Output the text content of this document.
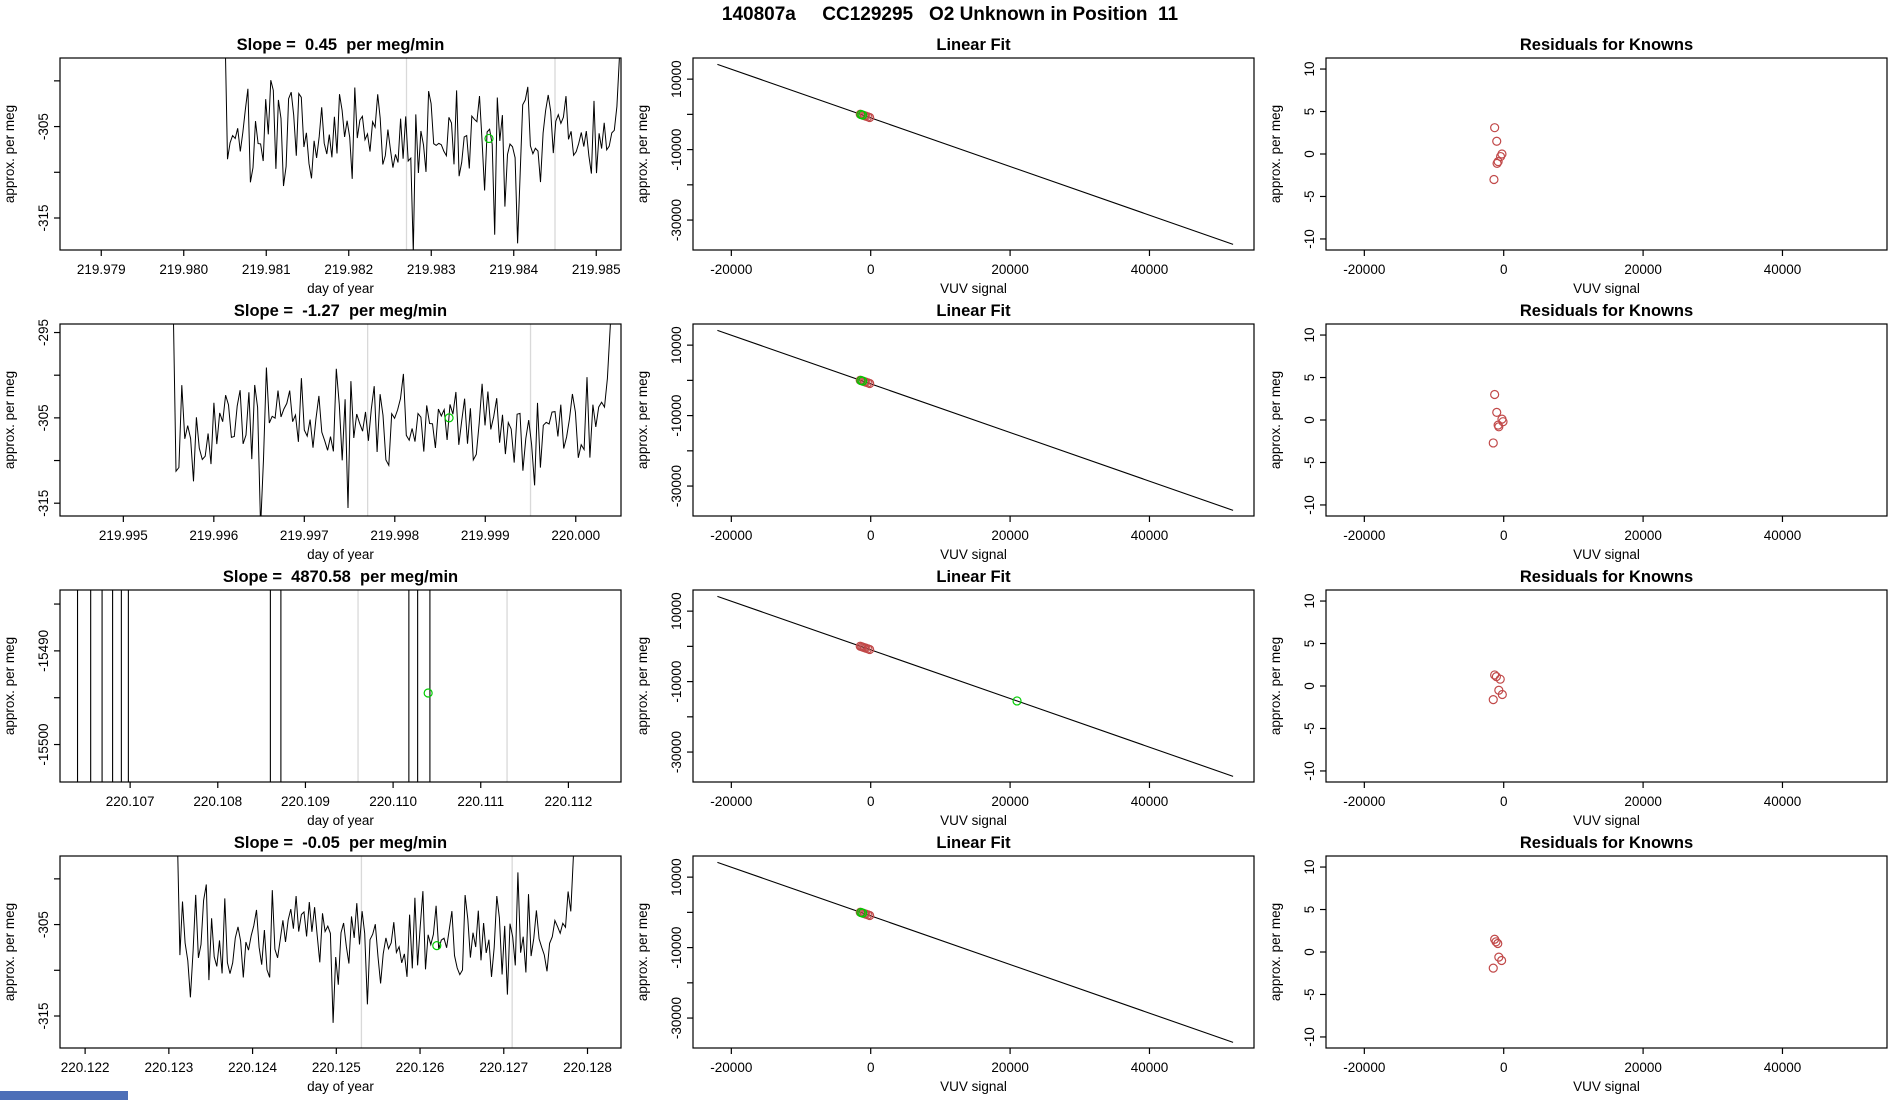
140807a     CC129295   O2 Unknown in Position  11
Slope =  0.45  per meg/min
219.979 219.980 219.981 219.982 219.983 219.984 219.985
-305
-315
day of year
approx. per meg
Linear Fit
-20000	0	20000	40000
10000
-10000
-30000
VUV signal
approx. per meg
Residuals for Knowns
-20000	0	20000	40000
10
5
0
-5
-10
VUV signal
approx. per meg
Slope =  -1.27  per meg/min
219.995	219.996	219.997	219.998	219.999	220.000
-295
-305
-315
day of year
approx. per meg
Linear Fit
-20000	0	20000	40000
10000
-10000
-30000
VUV signal
approx. per meg
Residuals for Knowns
-20000	0	20000	40000
10
5
0
-5
-10
VUV signal
approx. per meg
Slope =  4870.58  per meg/min
220.107	220.108	220.109	220.110	220.111	220.112
-15490
-15500
day of year
approx. per meg
Linear Fit
-20000	0	20000	40000
10000
-10000
-30000
VUV signal
approx. per meg
Residuals for Knowns
-20000	0	20000	40000
10
5
0
-5
-10
VUV signal
approx. per meg
Slope =  -0.05  per meg/min
220.122	220.123	220.124	220.125	220.126	220.127	220.128
-305
-315
day of year
approx. per meg
Linear Fit
-20000	0	20000	40000
10000
-10000
-30000
VUV signal
approx. per meg
Residuals for Knowns
-20000	0	20000	40000
10
5
0
-5
-10
VUV signal
approx. per meg
